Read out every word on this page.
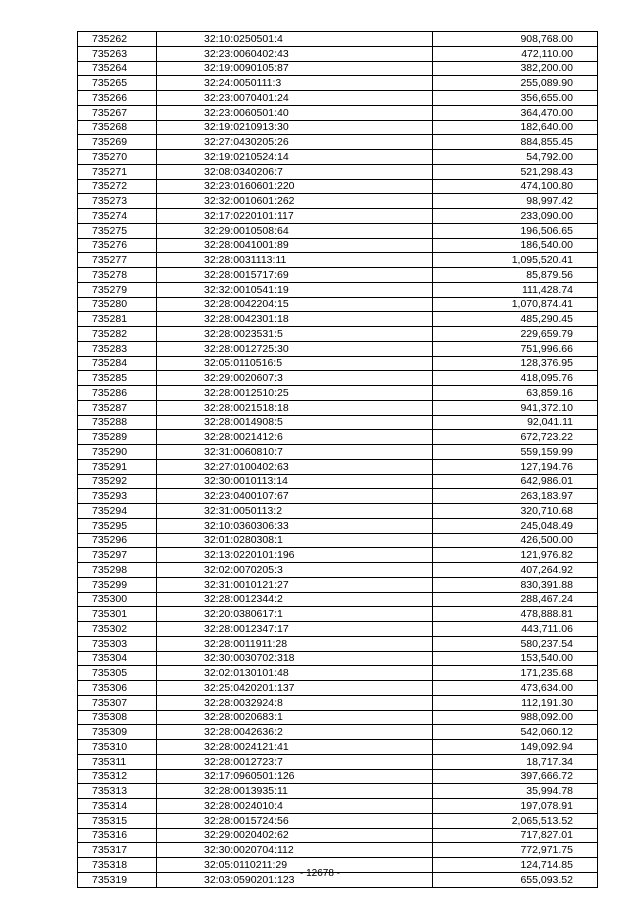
735262	32:10:0250501:4	908,768.00
735263	32:23:0060402:43	472,110.00
735264	32:19:0090105:87	382,200.00
735265	32:24:0050111:3	255,089.90
735266	32:23:0070401:24	356,655.00
735267	32:23:0060501:40	364,470.00
735268	32:19:0210913:30	182,640.00
735269	32:27:0430205:26	884,855.45
735270	32:19:0210524:14	54,792.00
735271	32:08:0340206:7	521,298.43
735272	32:23:0160601:220	474,100.80
735273	32:32:0010601:262	98,997.42
735274	32:17:0220101:117	233,090.00
735275	32:29:0010508:64	196,506.65
735276	32:28:0041001:89	186,540.00
735277	32:28:0031113:11	1,095,520.41
735278	32:28:0015717:69	85,879.56
735279	32:32:0010541:19	111,428.74
735280	32:28:0042204:15	1,070,874.41
735281	32:28:0042301:18	485,290.45
735282	32:28:0023531:5	229,659.79
735283	32:28:0012725:30	751,996.66
735284	32:05:0110516:5	128,376.95
735285	32:29:0020607:3	418,095.76
735286	32:28:0012510:25	63,859.16
735287	32:28:0021518:18	941,372.10
735288	32:28:0014908:5	92,041.11
735289	32:28:0021412:6	672,723.22
735290	32:31:0060810:7	559,159.99
735291	32:27:0100402:63	127,194.76
735292	32:30:0010113:14	642,986.01
735293	32:23:0400107:67	263,183.97
735294	32:31:0050113:2	320,710.68
735295	32:10:0360306:33	245,048.49
735296	32:01:0280308:1	426,500.00
735297	32:13:0220101:196	121,976.82
735298	32:02:0070205:3	407,264.92
735299	32:31:0010121:27	830,391.88
735300	32:28:0012344:2	288,467.24
735301	32:20:0380617:1	478,888.81
735302	32:28:0012347:17	443,711.06
735303	32:28:0011911:28	580,237.54
735304	32:30:0030702:318	153,540.00
735305	32:02:0130101:48	171,235.68
735306	32:25:0420201:137	473,634.00
735307	32:28:0032924:8	112,191.30
735308	32:28:0020683:1	988,092.00
735309	32:28:0042636:2	542,060.12
735310	32:28:0024121:41	149,092.94
735311	32:28:0012723:7	18,717.34
735312	32:17:0960501:126	397,666.72
735313	32:28:0013935:11	35,994.78
735314	32:28:0024010:4	197,078.91
735315	32:28:0015724:56	2,065,513.52
735316	32:29:0020402:62	717,827.01
735317	32:30:0020704:112	772,971.75
735318	32:05:0110211:29	124,714.85
735319	32:03:0590201:123	655,093.52
- 12678 -
